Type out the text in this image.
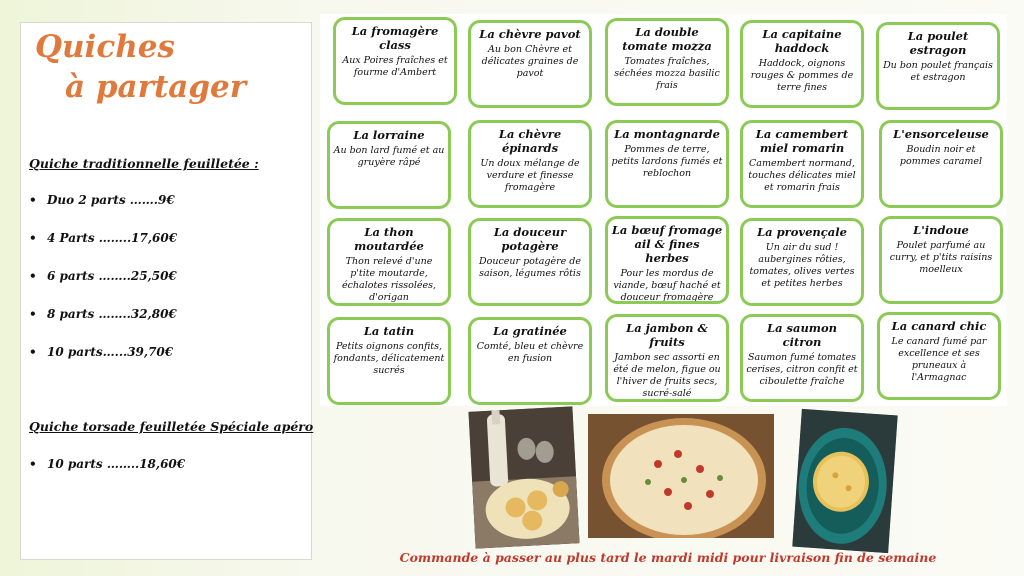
Quiches
à partager
Quiche traditionnelle feuilletée :
• Duo 2 parts …….9€
• 4 Parts ……..17,60€
• 6 parts ……..25,50€
• 8 parts ……..32,80€
• 10 parts…...39,70€
Quiche torsade feuilletée Spéciale apéro
• 10 parts ……..18,60€
La fromagère class
Aux Poires fraîches et fourme d'Ambert
La chèvre pavot
Au bon Chèvre et délicates graines de pavot
La double tomate mozza
Tomates fraîches, séchées mozza basilic frais
La capitaine haddock
Haddock, oignons rouges & pommes de terre fines
La poulet estragon
Du bon poulet français et estragon
La lorraine
Au bon lard fumé et au gruyère râpé
La chèvre épinards
Un doux mélange de verdure et finesse fromagère
La montagnarde
Pommes de terre, petits lardons fumés et reblochon
La camembert miel romarin
Camembert normand, touches délicates miel et romarin frais
L'ensorceleuse
Boudin noir et pommes caramel
La thon moutardée
Thon relevé d'une p'tite moutarde, échalotes rissolées, d'origan
La douceur potagère
Douceur potagère de saison, légumes rôtis
La bœuf fromage ail & fines herbes
Pour les mordus de viande, bœuf haché et douceur fromagère
La provençale
Un air du sud ! aubergines rôties, tomates, olives vertes et petites herbes
L'indoue
Poulet parfumé au curry, et p'tits raisins moelleux
La tatin
Petits oignons confits, fondants, délicatement sucrés
La gratinée
Comté, bleu et chèvre en fusion
La jambon & fruits
Jambon sec assorti en été de melon, figue ou l'hiver de fruits secs, sucré-salé
La saumon citron
Saumon fumé tomates cerises, citron confit et ciboulette fraîche
La canard chic
Le canard fumé par excellence et ses pruneaux à l'Armagnac
Commande à passer au plus tard le mardi midi pour livraison fin de semaine
